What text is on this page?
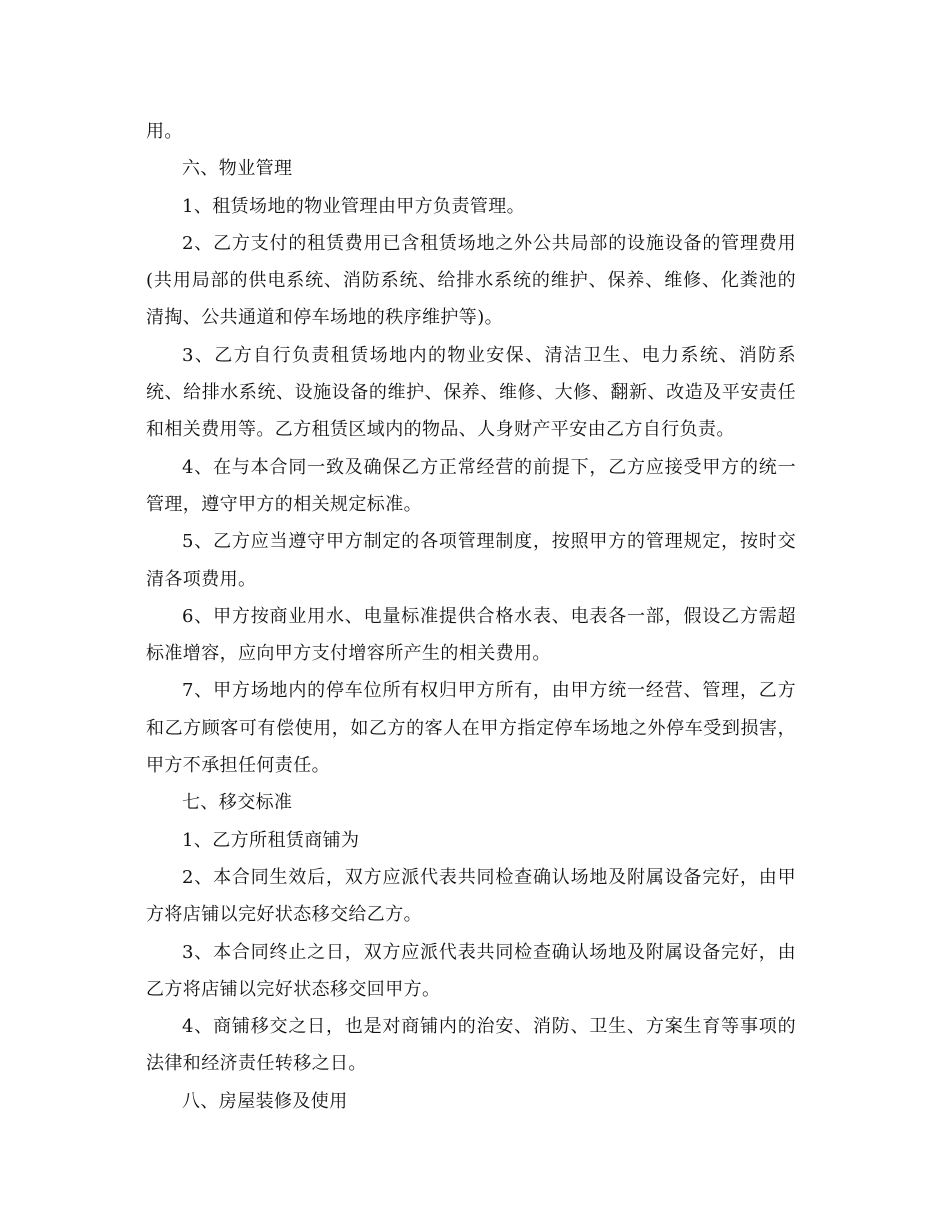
用。

六、物业管理

1、租赁场地的物业管理由甲方负责管理。

2、乙方支付的租赁费用已含租赁场地之外公共局部的设施设备的管理费用(共用局部的供电系统、消防系统、给排水系统的维护、保养、维修、化粪池的清掏、公共通道和停车场地的秩序维护等)。

3、乙方自行负责租赁场地内的物业安保、清洁卫生、电力系统、消防系统、给排水系统、设施设备的维护、保养、维修、大修、翻新、改造及平安责任和相关费用等。乙方租赁区域内的物品、人身财产平安由乙方自行负责。

4、在与本合同一致及确保乙方正常经营的前提下，乙方应接受甲方的统一管理，遵守甲方的相关规定标准。

5、乙方应当遵守甲方制定的各项管理制度，按照甲方的管理规定，按时交清各项费用。

6、甲方按商业用水、电量标准提供合格水表、电表各一部，假设乙方需超标准增容，应向甲方支付增容所产生的相关费用。

7、甲方场地内的停车位所有权归甲方所有，由甲方统一经营、管理，乙方和乙方顾客可有偿使用，如乙方的客人在甲方指定停车场地之外停车受到损害，甲方不承担任何责任。

七、移交标准

1、乙方所租赁商铺为

2、本合同生效后，双方应派代表共同检查确认场地及附属设备完好，由甲方将店铺以完好状态移交给乙方。

3、本合同终止之日，双方应派代表共同检查确认场地及附属设备完好，由乙方将店铺以完好状态移交回甲方。

4、商铺移交之日，也是对商铺内的治安、消防、卫生、方案生育等事项的法律和经济责任转移之日。

八、房屋装修及使用
